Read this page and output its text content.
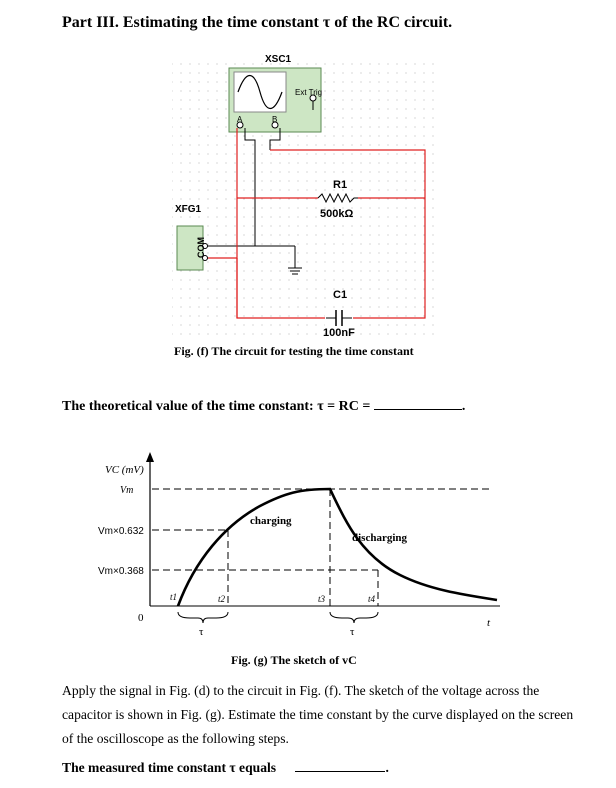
Part III. Estimating the time constant τ of the RC circuit.
XSC1
Ext Trig
A	B
R1
500kΩ
C1
100nF
XFG1
COM
Fig. (f) The circuit for testing the time constant
The theoretical value of the time constant: τ = RC =	.
VC (mV)
Vm
Vm×0.632
Vm×0.368
0
charging
discharging
t1	t2	t3	t4
τ	τ
t
Fig. (g) The sketch of vC
Apply the signal in Fig. (d) to the circuit in Fig. (f). The sketch of the voltage across the capacitor is shown in Fig. (g). Estimate the time constant by the curve displayed on the screen of the oscilloscope as the following steps.
The measured time constant τ equals	.
